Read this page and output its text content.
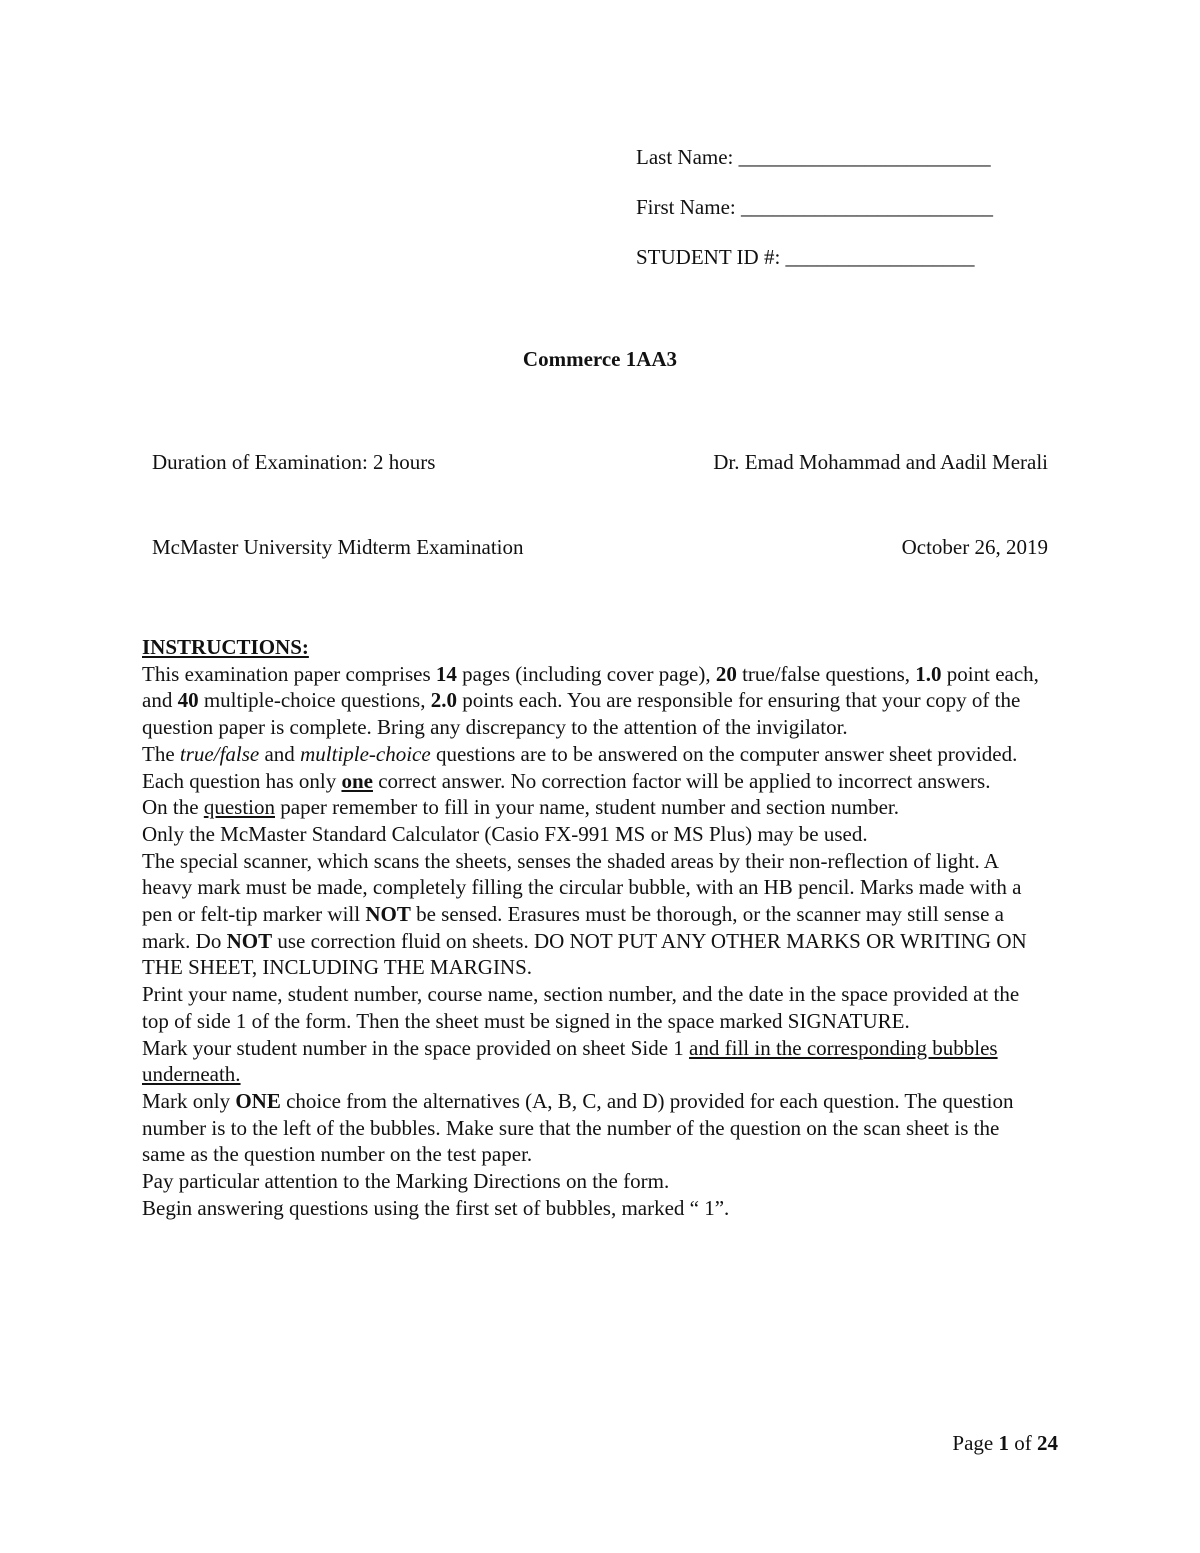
Last Name: ________________________
First Name: ________________________
STUDENT ID #: __________________
Commerce 1AA3
Duration of Examination: 2 hours	Dr. Emad Mohammad and Aadil Merali
McMaster University Midterm Examination	October 26, 2019

INSTRUCTIONS:

This examination paper comprises 14 pages (including cover page), 20 true/false questions, 1.0 point each, and 40 multiple-choice questions, 2.0 points each. You are responsible for ensuring that your copy of the question paper is complete. Bring any discrepancy to the attention of the invigilator.

The true/false and multiple-choice questions are to be answered on the computer answer sheet provided.

Each question has only one correct answer. No correction factor will be applied to incorrect answers.

On the question paper remember to fill in your name, student number and section number.

Only the McMaster Standard Calculator (Casio FX-991 MS or MS Plus) may be used.

The special scanner, which scans the sheets, senses the shaded areas by their non-reflection of light. A heavy mark must be made, completely filling the circular bubble, with an HB pencil. Marks made with a pen or felt-tip marker will NOT be sensed. Erasures must be thorough, or the scanner may still sense a mark. Do NOT use correction fluid on sheets. DO NOT PUT ANY OTHER MARKS OR WRITING ON THE SHEET, INCLUDING THE MARGINS.

Print your name, student number, course name, section number, and the date in the space provided at the top of side 1 of the form. Then the sheet must be signed in the space marked SIGNATURE.

Mark your student number in the space provided on sheet Side 1 and fill in the corresponding bubbles underneath.

Mark only ONE choice from the alternatives (A, B, C, and D) provided for each question. The question number is to the left of the bubbles. Make sure that the number of the question on the scan sheet is the same as the question number on the test paper.

Pay particular attention to the Marking Directions on the form.

Begin answering questions using the first set of bubbles, marked “ 1”.

Page 1 of 24
